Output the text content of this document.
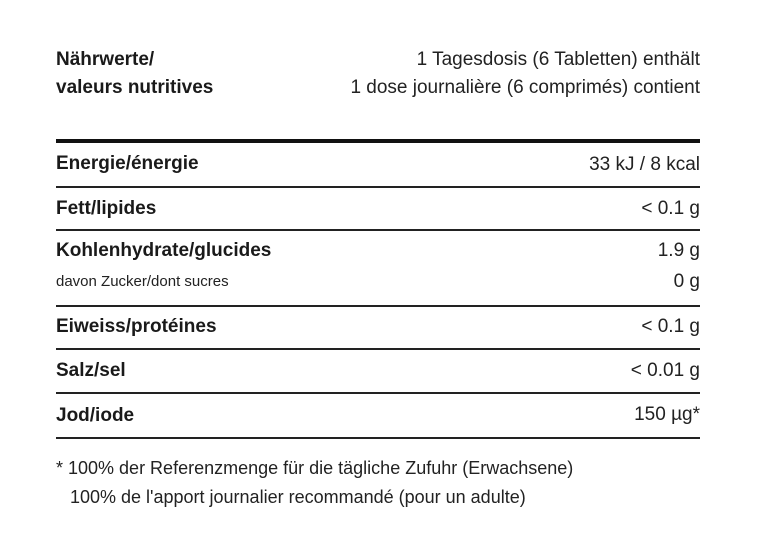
Nährwerte/
valeurs nutritives
1 Tagesdosis (6 Tabletten) enthält
1 dose journalière (6 comprimés) contient
Energie/énergie	33 kJ / 8 kcal
Fett/lipides	< 0.1 g
Kohlenhydrate/glucides	1.9 g
davon Zucker/dont sucres	0 g
Eiweiss/protéines	< 0.1 g
Salz/sel	< 0.01 g
Jod/iode	150 µg*
* 100% der Referenzmenge für die tägliche Zufuhr (Erwachsene)
100% de l'apport journalier recommandé (pour un adulte)
